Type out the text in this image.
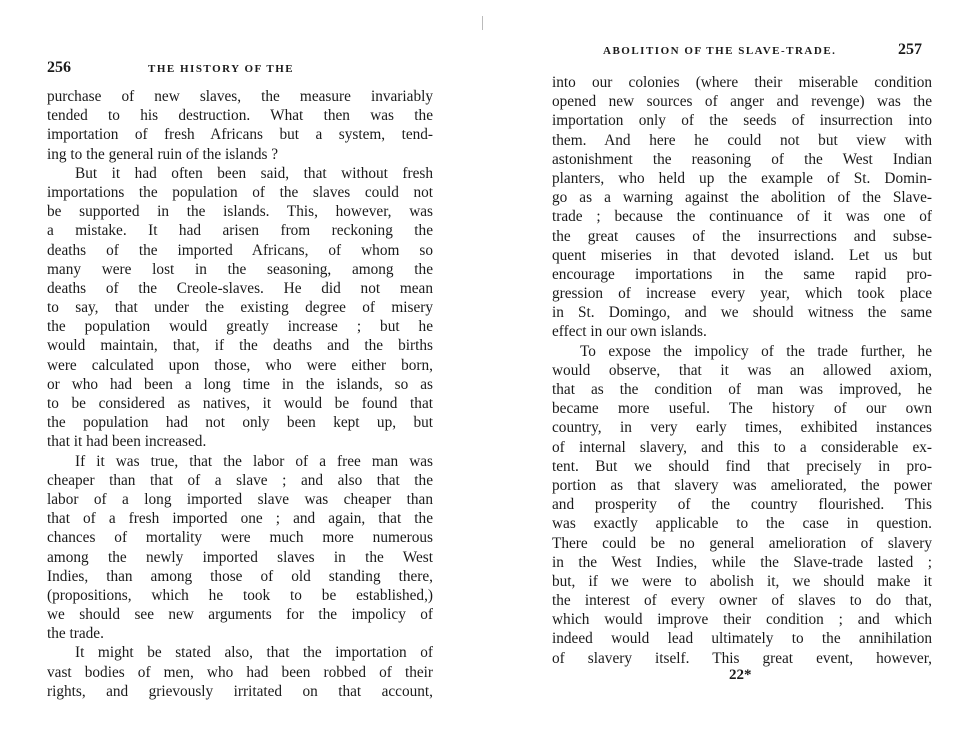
256	THE HISTORY OF THE
purchase of new slaves, the measure invariably
tended to his destruction. What then was the
importation of fresh Africans but a system, tend-
ing to the general ruin of the islands ?
But it had often been said, that without fresh
importations the population of the slaves could not
be supported in the islands. This, however, was
a mistake. It had arisen from reckoning the
deaths of the imported Africans, of whom so
many were lost in the seasoning, among the
deaths of the Creole-slaves. He did not mean
to say, that under the existing degree of misery
the population would greatly increase ; but he
would maintain, that, if the deaths and the births
were calculated upon those, who were either born,
or who had been a long time in the islands, so as
to be considered as natives, it would be found that
the population had not only been kept up, but
that it had been increased.
If it was true, that the labor of a free man was
cheaper than that of a slave ; and also that the
labor of a long imported slave was cheaper than
that of a fresh imported one ; and again, that the
chances of mortality were much more numerous
among the newly imported slaves in the West
Indies, than among those of old standing there,
(propositions, which he took to be established,)
we should see new arguments for the impolicy of
the trade.
It might be stated also, that the importation of
vast bodies of men, who had been robbed of their
rights, and grievously irritated on that account,
ABOLITION OF THE SLAVE-TRADE.	257
into our colonies (where their miserable condition
opened new sources of anger and revenge) was the
importation only of the seeds of insurrection into
them. And here he could not but view with
astonishment the reasoning of the West Indian
planters, who held up the example of St. Domin-
go as a warning against the abolition of the Slave-
trade ; because the continuance of it was one of
the great causes of the insurrections and subse-
quent miseries in that devoted island. Let us but
encourage importations in the same rapid pro-
gression of increase every year, which took place
in St. Domingo, and we should witness the same
effect in our own islands.
To expose the impolicy of the trade further, he
would observe, that it was an allowed axiom,
that as the condition of man was improved, he
became more useful. The history of our own
country, in very early times, exhibited instances
of internal slavery, and this to a considerable ex-
tent. But we should find that precisely in pro-
portion as that slavery was ameliorated, the power
and prosperity of the country flourished. This
was exactly applicable to the case in question.
There could be no general amelioration of slavery
in the West Indies, while the Slave-trade lasted ;
but, if we were to abolish it, we should make it
the interest of every owner of slaves to do that,
which would improve their condition ; and which
indeed would lead ultimately to the annihilation
of slavery itself. This great event, however,
22*
